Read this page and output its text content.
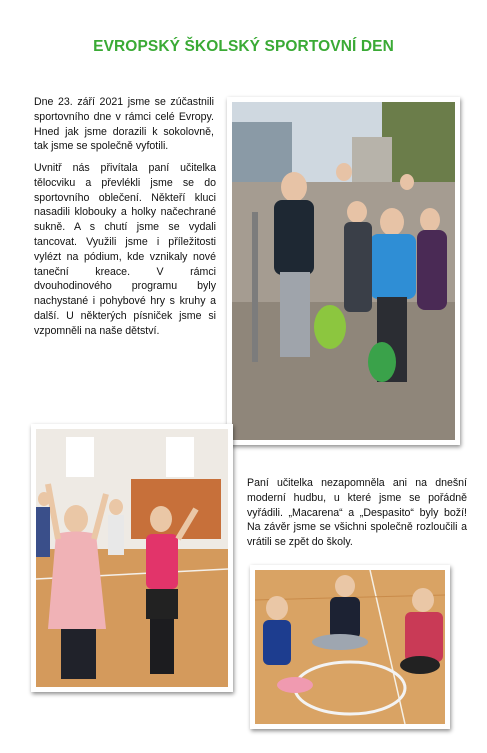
EVROPSKÝ ŠKOLSKÝ SPORTOVNÍ DEN

Dne 23. září 2021 jsme se zúčastnili sportovního dne v rámci celé Evropy. Hned jak jsme dorazili k sokolovně, tak jsme se společně vyfotili.

Uvnitř nás přivítala paní učitelka tělocviku a převlékli jsme se do sportovního oblečení. Někteří kluci nasadili klobouky a holky načechrané sukně. A s chutí jsme se vydali tancovat. Využili jsme i příležitosti vylézt na pódium, kde vznikaly nové taneční kreace. V rámci dvouhodinového programu byly nachystané i pohybové hry s kruhy a další. U některých písniček jsme si vzpomněli na naše dětství.

Paní učitelka nezapomněla ani na dnešní moderní hudbu, u které jsme se pořádně vyřádili. „Macarena“ a „Despasito“ byly boží! Na závěr jsme se všichni společně rozloučili a vrátili se zpět do školy.
